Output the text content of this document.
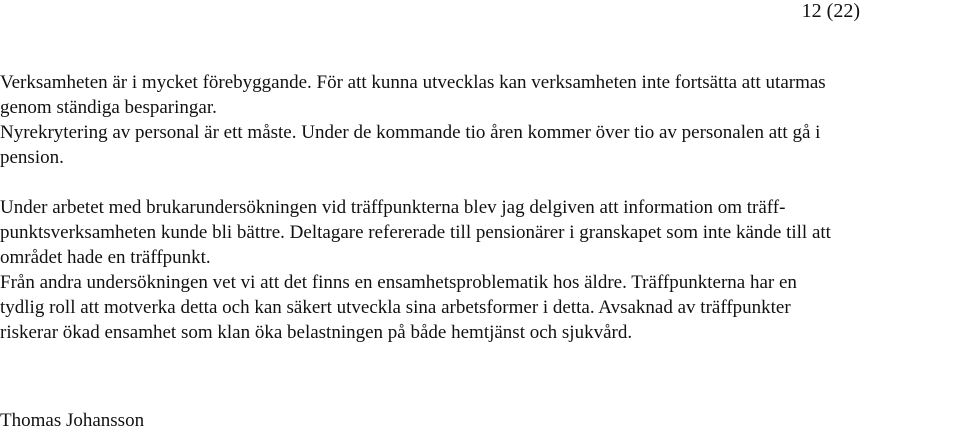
12 (22)

Verksamheten är i mycket förebyggande. För att kunna utvecklas kan verksamheten inte fortsätta att utarmas
genom ständiga besparingar.

Nyrekrytering av personal är ett måste. Under de kommande tio åren kommer över tio av personalen att gå i
pension.

Under arbetet med brukarundersökningen vid träffpunkterna blev jag delgiven att information om träff-
punktsverksamheten kunde bli bättre. Deltagare refererade till pensionärer i granskapet som inte kände till att
området hade en träffpunkt.

Från andra undersökningen vet vi att det finns en ensamhetsproblematik hos äldre. Träffpunkterna har en
tydlig roll att motverka detta och kan säkert utveckla sina arbetsformer i detta. Avsaknad av träffpunkter
riskerar ökad ensamhet som klan öka belastningen på både hemtjänst och sjukvård.

Thomas Johansson
